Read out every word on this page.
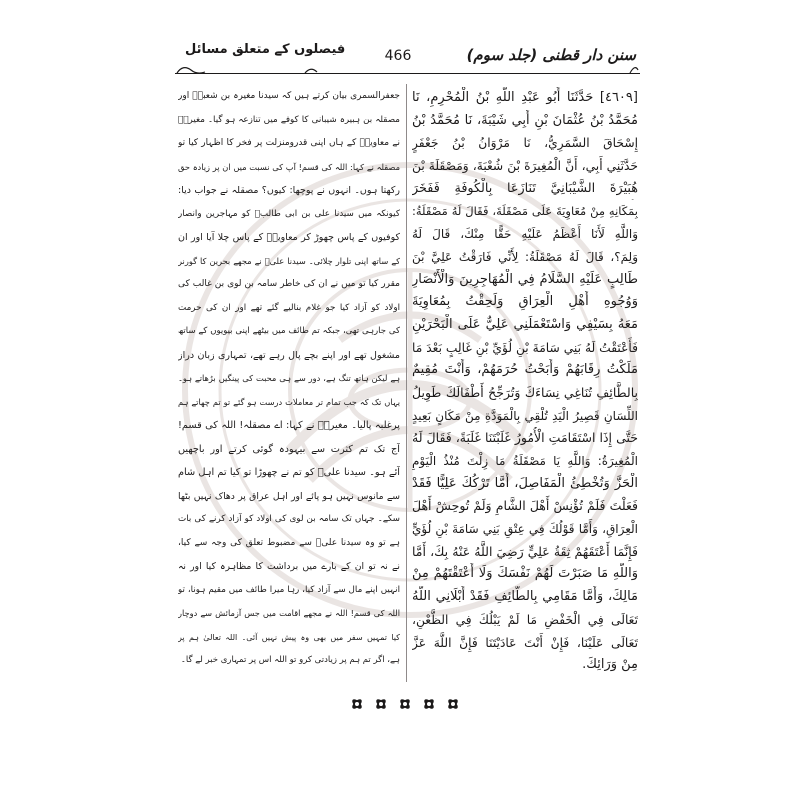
فیصلوں کے متعلق مسائل	466	سنن دار قطنی (جلد سوم)
[٤٦٠٩] حَدَّثَنَا أَبُو عَبْدِ اللَّهِ بْنُ الْمُحْرِمِ، نَا
مُحَمَّدُ بْنُ عُثْمَانَ بْنِ أَبِي شَيْبَةَ، نَا مُحَمَّدُ بْنُ
إِسْحَاقَ السَّمَرِيُّ، نَا مَرْوَانُ بْنُ جَعْفَرٍ
حَدَّثَنِي أَبِي، أَنَّ الْمُغِيرَةَ بْنَ شُعْبَةَ، وَمَصْقَلَةَ بْنَ
هُبَيْرَةَ الشَّيْبَانِيَّ تَنَازَعَا بِالْكُوفَةِ فَفَخَرَ
بِمَكَانِهِ مِنْ مُعَاوِيَةَ عَلَى مَصْقَلَةَ، فَقَالَ لَهُ مَصْقَلَةُ:
وَاللَّهِ لَأَنَا أَعْظَمُ عَلَيْهِ حَقًّا مِنْكَ، قَالَ لَهُ
وَلِمَ؟، قَالَ لَهُ مَصْقَلَةُ: لِأَنِّي فَارَقْتُ عَلِيَّ بْنَ
طَالِبٍ عَلَيْهِ السَّلَامُ فِي الْمُهَاجِرِينَ وَالْأَنْصَارِ
وَوُجُوهِ أَهْلِ الْعِرَاقِ وَلَحِقْتُ بِمُعَاوِيَةَ
مَعَهُ بِسَيْفِي وَاسْتَعْمَلَنِي عَلِيٌّ عَلَى الْبَحْرَيْنِ
فَأَعْتَقْتُ لَهُ بَنِي سَامَةَ بْنِ لُؤَيِّ بْنِ غَالِبٍ بَعْدَ مَا
مَلَكْتُ رِقَابَهُمْ وَأَبَحْتُ حُرَمَهُمْ، وَأَنْتَ مُقِيمٌ
بِالطَّائِفِ تُنَاغِي نِسَاءَكَ وَتُرَجِّحُ أَطْفَالَكَ طَوِيلُ
اللِّسَانِ قَصِيرُ الْيَدِ تُلْقِي بِالْمَوَدَّةِ مِنْ مَكَانٍ بَعِيدٍ
حَتَّى إِذَا اسْتَقَامَتِ الْأُمُورُ غَلَبْتَنَا غَلَبَةً، فَقَالَ لَهُ
الْمُغِيرَةُ: وَاللَّهِ يَا مَصْقَلَةُ مَا زِلْتَ مُنْذُ الْيَوْمِ
الْحَزَّ وَتُخْطِئُ الْمَفَاصِلَ، أَمَّا تَرْكُكَ عَلِيًّا فَقَدْ
فَعَلْتَ فَلَمْ تُؤْنِسْ أَهْلَ الشَّامِ وَلَمْ تُوحِشْ أَهْلَ
الْعِرَاقِ، وَأَمَّا قَوْلُكَ فِي عِتْقِ بَنِي سَامَةَ بْنِ لُؤَيٍّ
فَإِنَّمَا أَعْتَقَهُمْ ثِقَةُ عَلِيٍّ رَضِيَ اللَّهُ عَنْهُ بِكَ، أَمَّا
وَاللَّهِ مَا صَبَرْتَ لَهُمْ نَفْسَكَ وَلَا أَعْتَقْتَهُمْ مِنْ
مَالِكَ، وَأَمَّا مَقَامِي بِالطَّائِفِ فَقَدْ أَبْلَانِي اللَّهُ
تَعَالَى فِي الْخَفْضِ مَا لَمْ يَبْلُكَ فِي الظَّعْنِ،
تَعَالَى عَلَيْنَا، فَإِنْ أَنْتَ عَادَيْتَنَا فَإِنَّ اللَّهَ عَزَّ
مِنْ وَرَائِكَ.
جعفرالسمری بیان کرتے ہیں کہ سیدنا مغیرہ بن شعبہؓ اور
مصقلہ بن ہبیرہ شیبانی کا کوفے میں تنازعہ ہو گیا۔ مغیرہؓ
نے معاویہؓ کے ہاں اپنی قدرومنزلت پر فخر کا اظہار کیا تو
مصقلہ نے کہا: اللہ کی قسم! آپ کی نسبت میں ان پر زیادہ حق
رکھتا ہوں۔ انہوں نے پوچھا: کیوں؟ مصقلہ نے جواب دیا:
کیونکہ میں سیدنا علی بن ابی طالبؓ کو مہاجرین وانصار
کوفیوں کے پاس چھوڑ کر معاویہؓ کے پاس چلا آیا اور ان
کے ساتھ اپنی تلوار چلائی۔ سیدنا علیؓ نے مجھے بحرین کا گورنر
مقرر کیا تو میں نے ان کی خاطر سامہ بن لوی بن غالب کی
اولاد کو آزاد کیا جو غلام بنالیے گئے تھے اور ان کی حرمت
کی جارہی تھی، جبکہ تم طائف میں بیٹھے اپنی بیویوں کے ساتھ
مشغول تھے اور اپنے بچے پال رہے تھے، تمہاری زبان دراز
ہے لیکن ہاتھ تنگ ہے، دور سے ہی محبت کی پینگیں بڑھاتے ہو۔
یہاں تک کہ جب تمام تر معاملات درست ہو گئے تو تم چھاتے ہم
پرغلبہ پالیا۔ مغیرہؓ نے کہا: اے مصقلہ! اللہ کی قسم!
آج تک تم کثرت سے بیہودہ گوئی کرتے اور باچھیں
آئے ہو۔ سیدنا علیؓ کو تم نے چھوڑا تو کیا تم اہل شام
سے مانوس نہیں ہو پائے اور اہل عراق پر دھاک نہیں بٹھا
سکے۔ جہاں تک سامہ بن لوی کی اولاد کو آزاد کرنے کی بات
ہے تو وہ سیدنا علیؓ سے مضبوط تعلق کی وجہ سے کیا،
نے نہ تو ان کے بارے میں برداشت کا مظاہرہ کیا اور نہ
انہیں اپنے مال سے آزاد کیا، رہا میرا طائف میں مقیم ہونا، تو
اللہ کی قسم! اللہ نے مجھے اقامت میں جس آزمائش سے دوچار
کیا تمہیں سفر میں بھی وہ پیش نہیں آئی۔ اللہ تعالیٰ ہم پر
ہے، اگر تم ہم پر زیادتی کرو تو اللہ اس پر تمہاری خبر لے گا۔
